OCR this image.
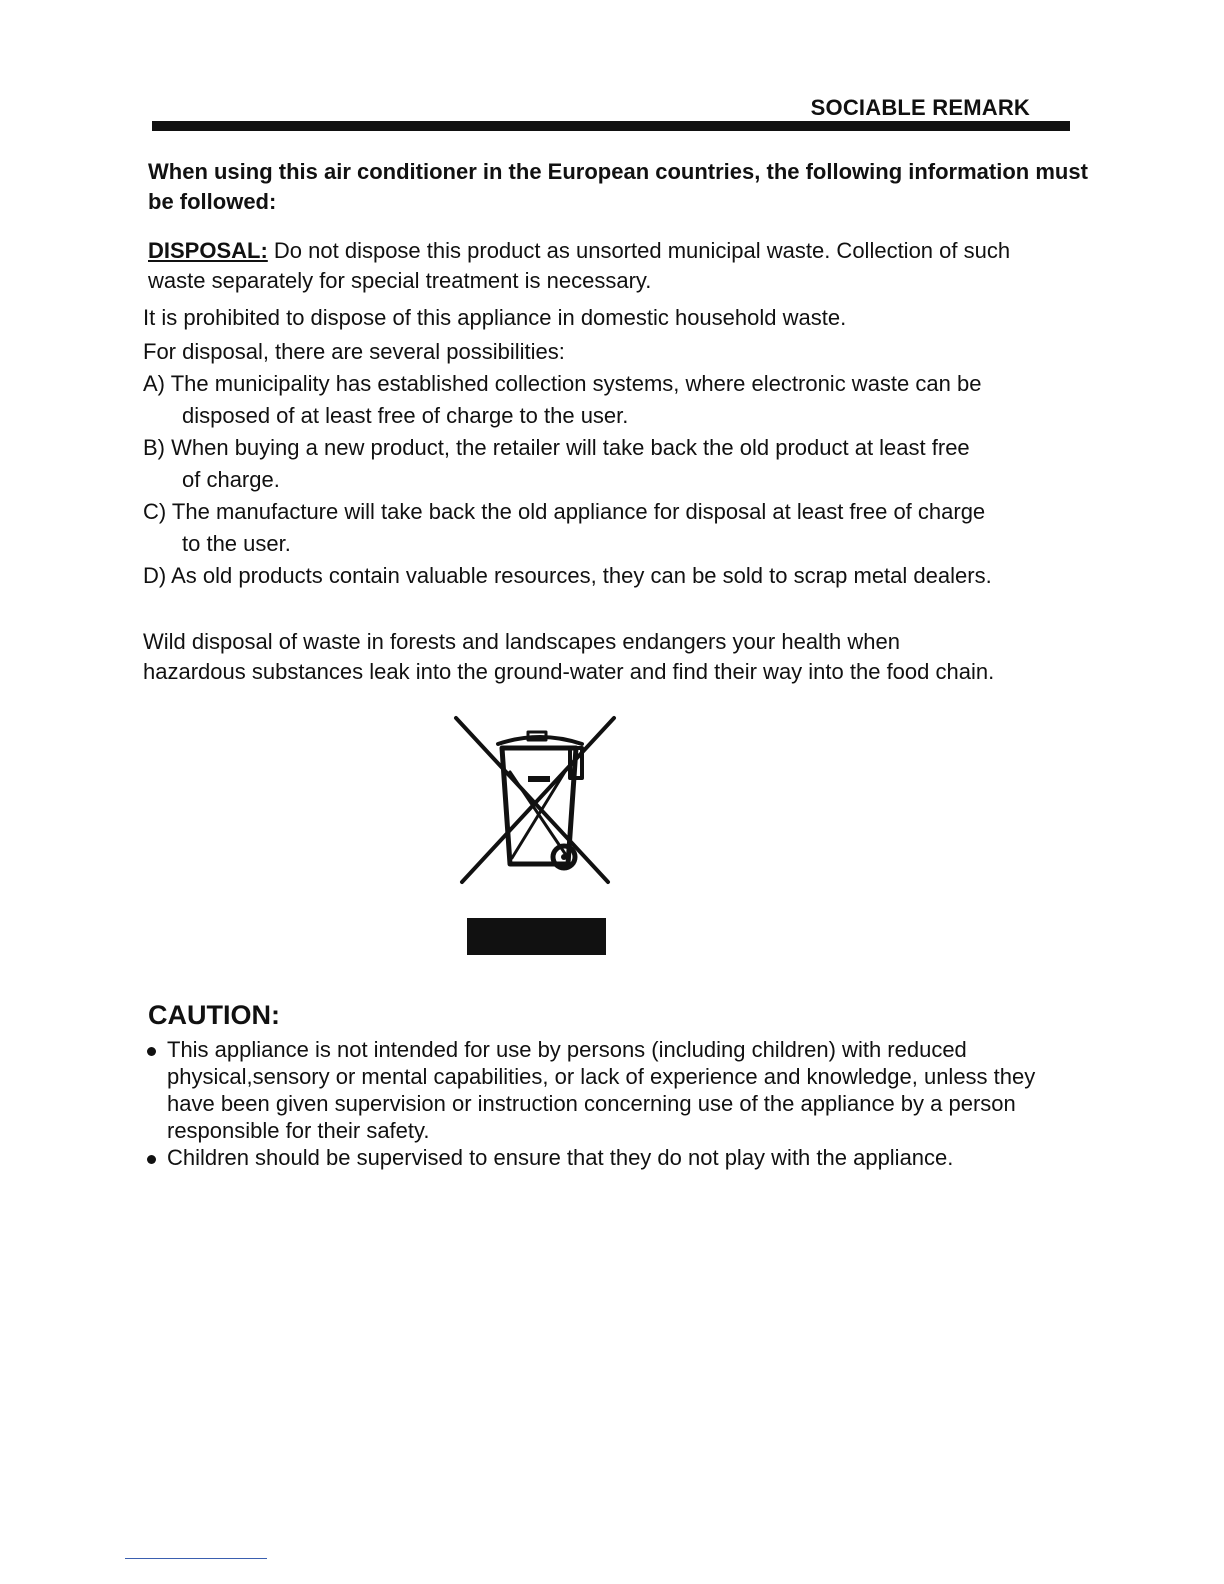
SOCIABLE REMARK
When using this air conditioner in the European countries, the following information must be followed:
DISPOSAL: Do not dispose this product as unsorted municipal waste. Collection of such waste separately for special treatment is necessary.
It is prohibited to dispose of this appliance in domestic household waste.
For disposal, there are several possibilities:
A) The municipality has established collection systems, where electronic waste can be
disposed of at least free of charge to the user.
B) When buying a new product, the retailer will take back the old product at least free
of charge.
C) The manufacture will take back the old appliance for disposal at least free of charge
to the user.
D) As old products contain valuable resources, they can be sold to scrap metal dealers.
Wild disposal of waste in forests and landscapes endangers your health when
hazardous substances leak into the ground-water and find their way into the food chain.
CAUTION:
This appliance is not intended for use by persons (including children) with reduced physical,sensory or mental capabilities, or lack of experience and knowledge, unless they have been given supervision or instruction concerning use of the appliance by a person responsible for their safety.
Children should be supervised to ensure that they do not play with the appliance.
